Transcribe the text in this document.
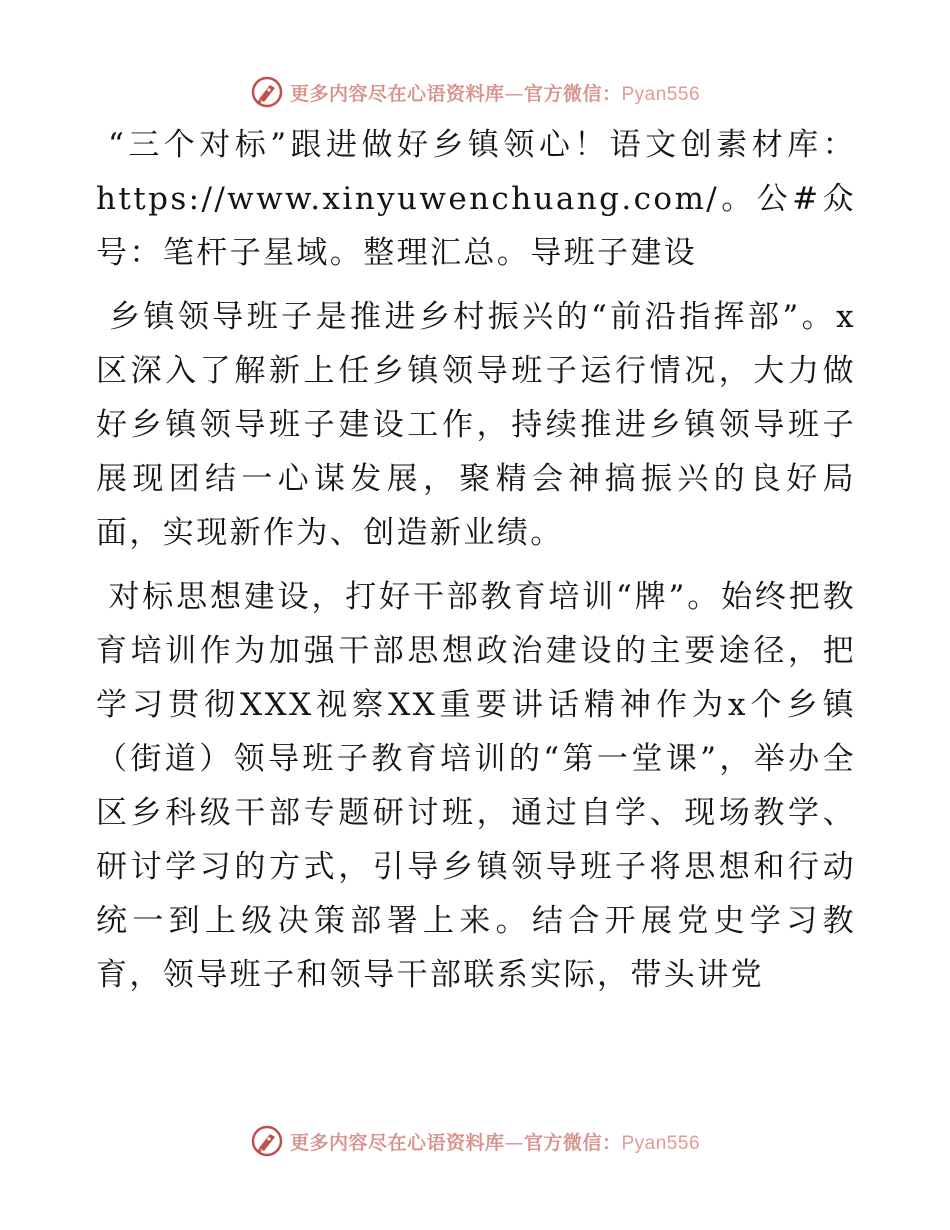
更多内容尽在心语资料库—官方微信：Pyan556

“三个对标”跟进做好乡镇领心！语文创素材库：https://www.xinyuwenchuang.com/。公#众号：笔杆子星域。整理汇总。导班子建设

乡镇领导班子是推进乡村振兴的“前沿指挥部”。x区深入了解新上任乡镇领导班子运行情况，大力做好乡镇领导班子建设工作，持续推进乡镇领导班子展现团结一心谋发展，聚精会神搞振兴的良好局面，实现新作为、创造新业绩。

对标思想建设，打好干部教育培训“牌”。始终把教育培训作为加强干部思想政治建设的主要途径，把学习贯彻XXX视察XX重要讲话精神作为x个乡镇（街道）领导班子教育培训的“第一堂课”，举办全区乡科级干部专题研讨班，通过自学、现场教学、研讨学习的方式，引导乡镇领导班子将思想和行动统一到上级决策部署上来。结合开展党史学习教育，领导班子和领导干部联系实际，带头讲党

更多内容尽在心语资料库—官方微信：Pyan556
